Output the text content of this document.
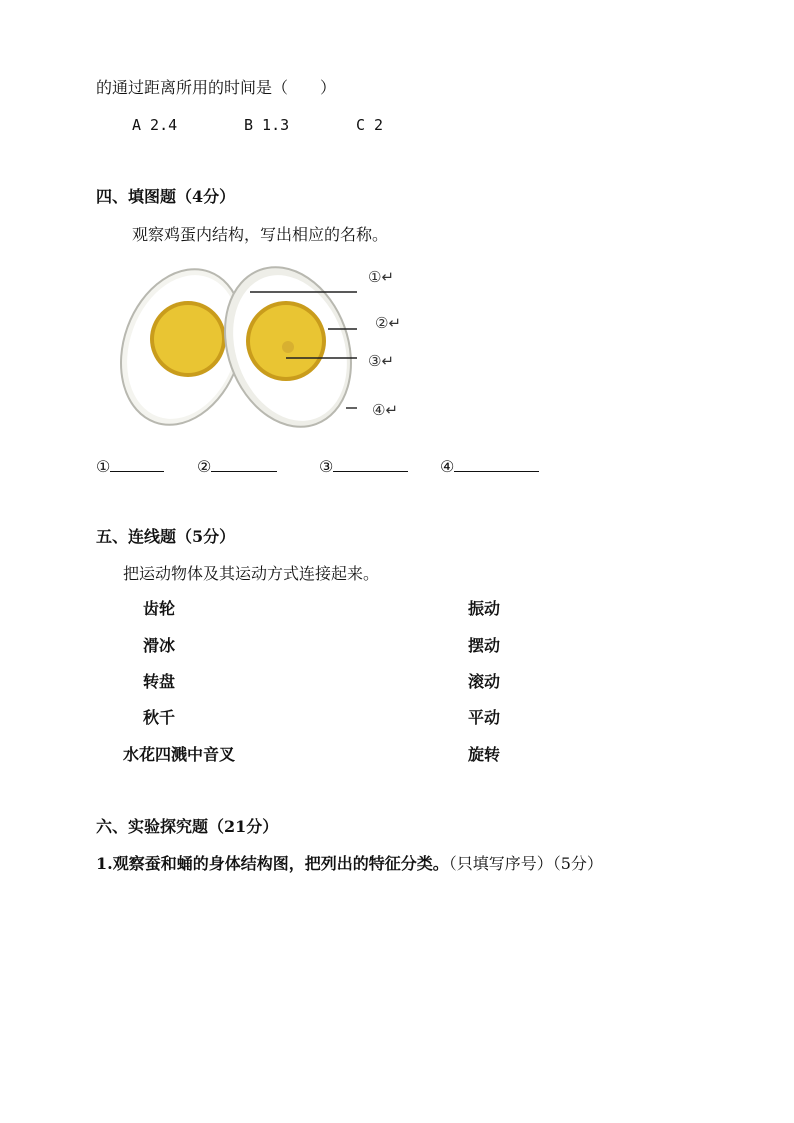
的通过距离所用的时间是（　　）
A 2.4	B 1.3	C 2
四、填图题（4分）
观察鸡蛋内结构，写出相应的名称。
①↵
②↵
③↵
④↵
①	②	③	④
五、连线题（5分）
把运动物体及其运动方式连接起来。
齿轮
滑冰
转盘
秋千
水花四溅中音叉
振动
摆动
滚动
平动
旋转
六、实验探究题（21分）
1.观察蚕和蛹的身体结构图，把列出的特征分类。（只填写序号）（5分）
